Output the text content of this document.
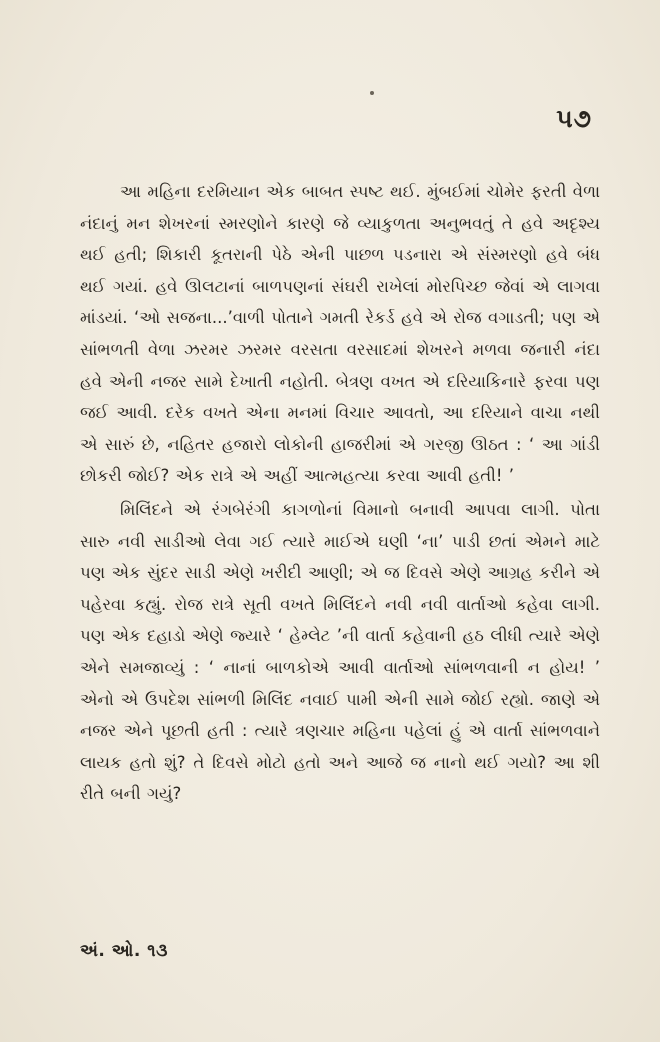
૫૭

આ મહિના દરમિયાન એક બાબત સ્પષ્ટ થઈ. મુંબઈમાં ચોમેર ફરતી વેળા નંદાનું મન શેખરનાં સ્મરણોને કારણે જે વ્યાકુળતા અનુભવતું તે હવે અદૃશ્ય થઈ હતી; શિકારી કૂતરાની પેઠે એની પાછળ પડનારા એ સંસ્મરણો હવે બંધ થઈ ગયાં. હવે ઊલટાનાં બાળપણનાં સંઘરી રાખેલાં મોરપિચ્છ જેવાં એ લાગવા માંડયાં. ‘ઓ સજના...’વાળી પોતાને ગમતી રેકર્ડ હવે એ રોજ વગાડતી; પણ એ સાંભળતી વેળા ઝરમર ઝરમર વરસતા વરસાદમાં શેખરને મળવા જનારી નંદા હવે એની નજર સામે દેખાતી નહોતી. બેત્રણ વખત એ દરિયાકિનારે ફરવા પણ જઈ આવી. દરેક વખતે એના મનમાં વિચાર આવતો, આ દરિયાને વાચા નથી એ સારું છે, નહિતર હજારો લોકોની હાજરીમાં એ ગરજી ઊઠત : ‘ આ ગાંડી છોકરી જોઈ? એક રાત્રે એ અહીં આત્મહત્યા કરવા આવી હતી! ’

મિલિંદને એ રંગબેરંગી કાગળોનાં વિમાનો બનાવી આપવા લાગી. પોતા સારુ નવી સાડીઓ લેવા ગઈ ત્યારે માઈએ ઘણી ‘ના’ પાડી છતાં એમને માટે પણ એક સુંદર સાડી એણે ખરીદી આણી; એ જ દિવસે એણે આગ્રહ કરીને એ પહેરવા કહ્યું. રોજ રાત્રે સૂતી વખતે મિલિંદને નવી નવી વાર્તાઓ કહેવા લાગી. પણ એક દહાડો એણે જ્યારે ‘ હેમ્લેટ ’ની વાર્તા કહેવાની હઠ લીધી ત્યારે એણે એને સમજાવ્યું : ‘ નાનાં બાળકોએ આવી વાર્તાઓ સાંભળવાની ન હોય! ’ એનો એ ઉપદેશ સાંભળી મિલિંદ નવાઈ પામી એની સામે જોઈ રહ્યો. જાણે એ નજર એને પૂછતી હતી : ત્યારે ત્રણચાર મહિના પહેલાં હું એ વાર્તા સાંભળવાને લાયક હતો શું? તે દિવસે મોટો હતો અને આજે જ નાનો થઈ ગયો? આ શી રીતે બની ગયું?

અં. ઓ. ૧૩
